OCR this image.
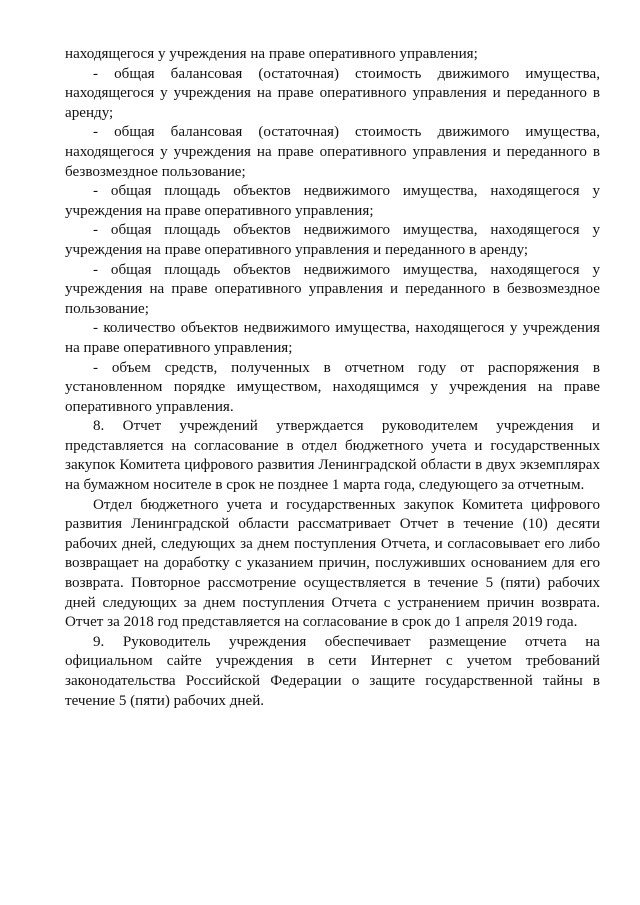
находящегося у учреждения на праве оперативного управления;

- общая балансовая (остаточная) стоимость движимого имущества, находящегося у учреждения на праве оперативного управления и переданного в аренду;

- общая балансовая (остаточная) стоимость движимого имущества, находящегося у учреждения на праве оперативного управления и переданного в безвозмездное пользование;

- общая площадь объектов недвижимого имущества, находящегося у учреждения на праве оперативного управления;

- общая площадь объектов недвижимого имущества, находящегося у учреждения на праве оперативного управления и переданного в аренду;

- общая площадь объектов недвижимого имущества, находящегося у учреждения на праве оперативного управления и переданного в безвозмездное пользование;

- количество объектов недвижимого имущества, находящегося у учреждения на праве оперативного управления;

- объем средств, полученных в отчетном году от распоряжения в установленном порядке имуществом, находящимся у учреждения на праве оперативного управления.

8. Отчет учреждений утверждается руководителем учреждения и представляется на согласование в отдел бюджетного учета и государственных закупок Комитета цифрового развития Ленинградской области в двух экземплярах на бумажном носителе в срок не позднее 1 марта года, следующего за отчетным.

Отдел бюджетного учета и государственных закупок Комитета цифрового развития Ленинградской области рассматривает Отчет в течение (10) десяти рабочих дней, следующих за днем поступления Отчета, и согласовывает его либо возвращает на доработку с указанием причин, послуживших основанием для его возврата. Повторное рассмотрение осуществляется в течение 5 (пяти) рабочих дней следующих за днем поступления Отчета с устранением причин возврата. Отчет за 2018 год представляется на согласование в срок до 1 апреля 2019 года.

9. Руководитель учреждения обеспечивает размещение отчета на официальном сайте учреждения в сети Интернет с учетом требований законодательства Российской Федерации о защите государственной тайны в течение 5 (пяти) рабочих дней.
